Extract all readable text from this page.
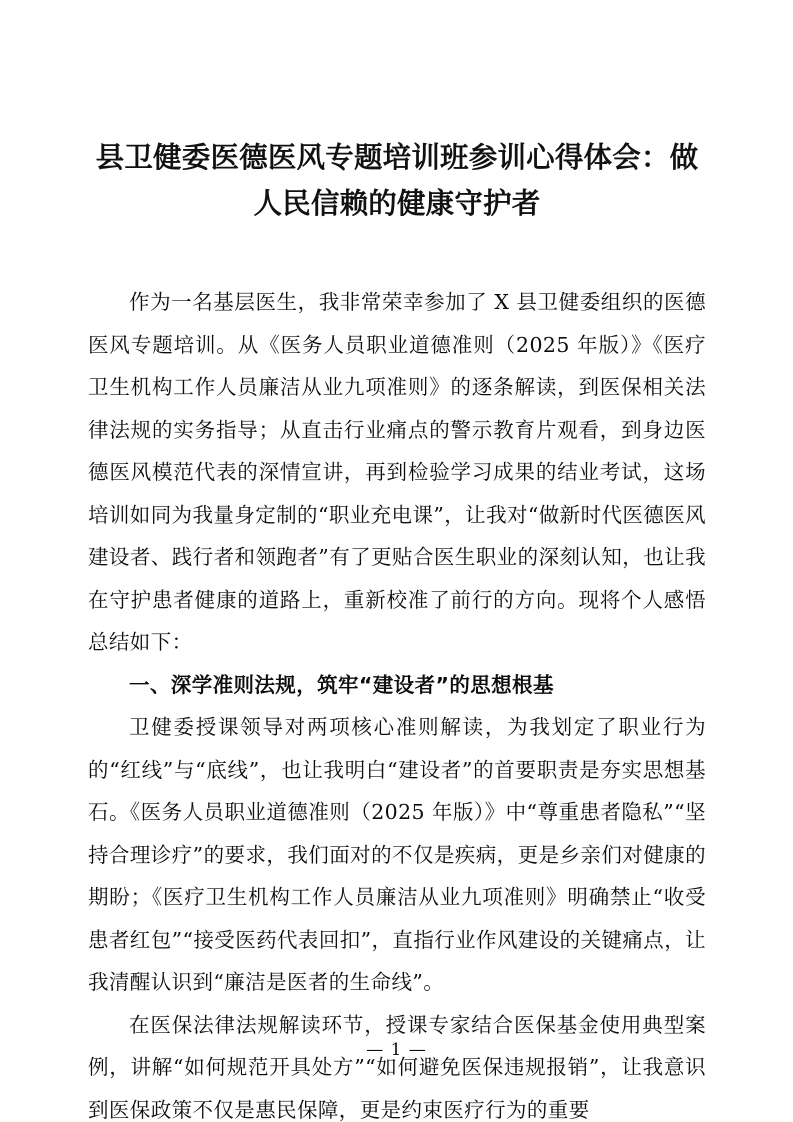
县卫健委医德医风专题培训班参训心得体会：做人民信赖的健康守护者

作为一名基层医生，我非常荣幸参加了 X 县卫健委组织的医德医风专题培训。从《医务人员职业道德准则（2025 年版）》《医疗卫生机构工作人员廉洁从业九项准则》的逐条解读，到医保相关法律法规的实务指导；从直击行业痛点的警示教育片观看，到身边医德医风模范代表的深情宣讲，再到检验学习成果的结业考试，这场培训如同为我量身定制的“职业充电课”，让我对“做新时代医德医风建设者、践行者和领跑者”有了更贴合医生职业的深刻认知，也让我在守护患者健康的道路上，重新校准了前行的方向。现将个人感悟总结如下：

一、深学准则法规，筑牢“建设者”的思想根基

卫健委授课领导对两项核心准则解读，为我划定了职业行为的“红线”与“底线”，也让我明白“建设者”的首要职责是夯实思想基石。《医务人员职业道德准则（2025 年版）》中“尊重患者隐私”“坚持合理诊疗”的要求，我们面对的不仅是疾病，更是乡亲们对健康的期盼；《医疗卫生机构工作人员廉洁从业九项准则》明确禁止“收受患者红包”“接受医药代表回扣”，直指行业作风建设的关键痛点，让我清醒认识到“廉洁是医者的生命线”。

在医保法律法规解读环节，授课专家结合医保基金使用典型案例，讲解“如何规范开具处方”“如何避免医保违规报销”，让我意识到医保政策不仅是惠民保障，更是约束医疗行为的重要

— 1 —
